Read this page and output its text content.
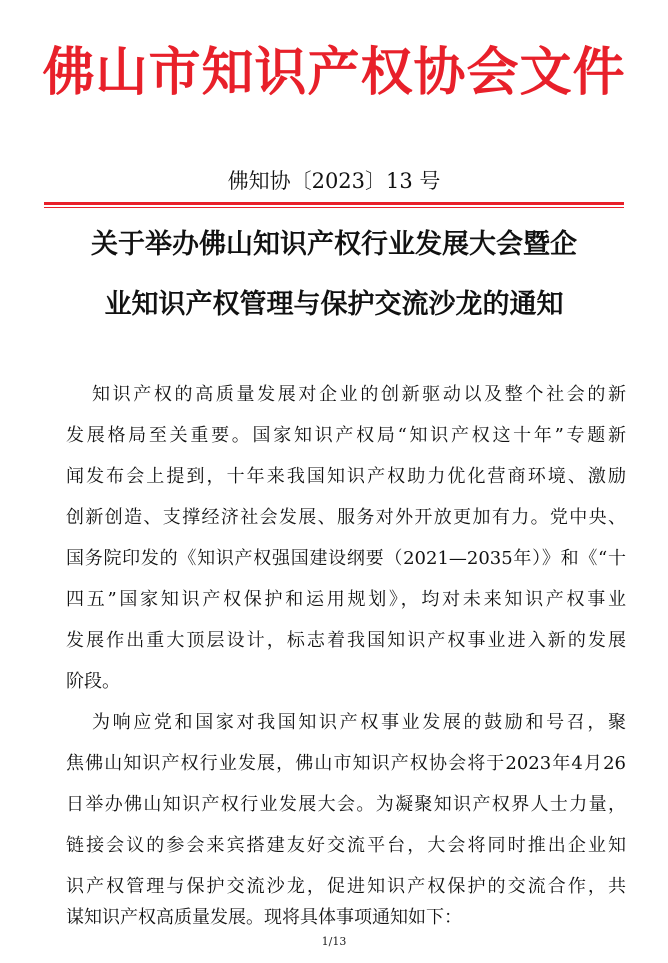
佛山市知识产权协会文件
佛知协〔2023〕13 号
关于举办佛山知识产权行业发展大会暨企
业知识产权管理与保护交流沙龙的通知
知识产权的高质量发展对企业的创新驱动以及整个社会的新
发展格局至关重要。国家知识产权局“知识产权这十年”专题新
闻发布会上提到，十年来我国知识产权助力优化营商环境、激励
创新创造、支撑经济社会发展、服务对外开放更加有力。党中央、
国务院印发的《知识产权强国建设纲要（2021—2035年）》和《“十
四五”国家知识产权保护和运用规划》，均对未来知识产权事业
发展作出重大顶层设计，标志着我国知识产权事业进入新的发展
阶段。
为响应党和国家对我国知识产权事业发展的鼓励和号召，聚
焦佛山知识产权行业发展，佛山市知识产权协会将于2023年4月26
日举办佛山知识产权行业发展大会。为凝聚知识产权界人士力量，
链接会议的参会来宾搭建友好交流平台，大会将同时推出企业知
识产权管理与保护交流沙龙，促进知识产权保护的交流合作，共
谋知识产权高质量发展。现将具体事项通知如下：
1/13
